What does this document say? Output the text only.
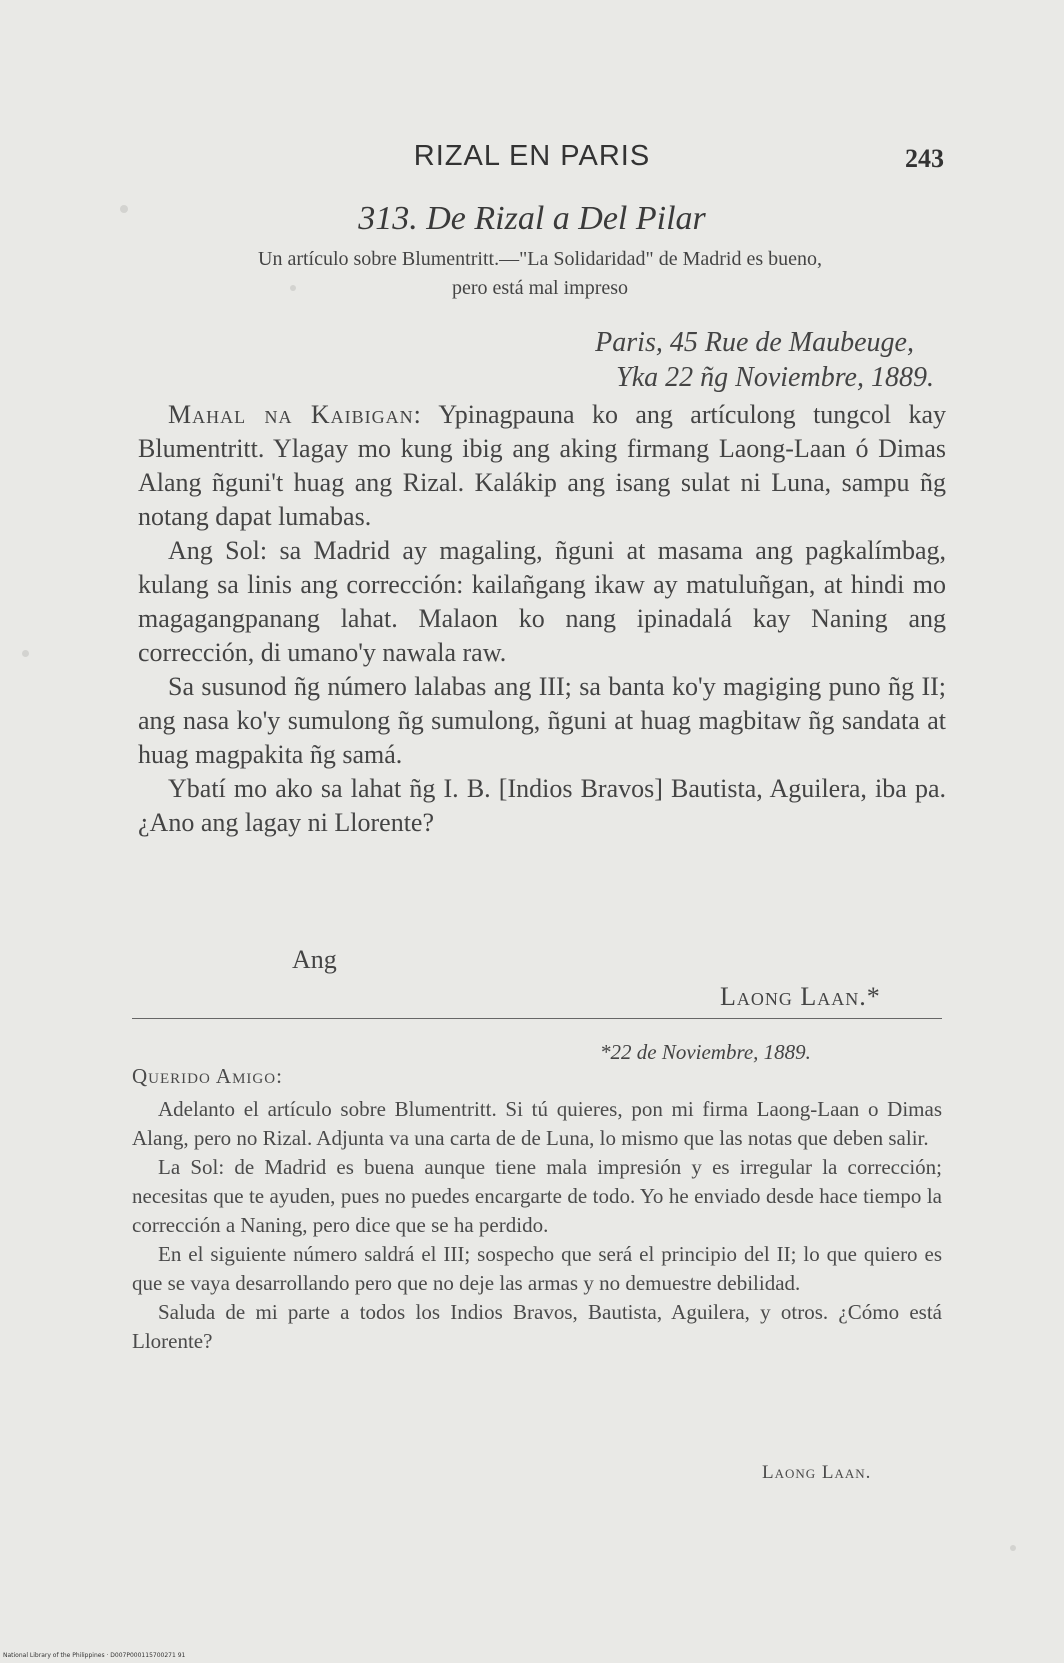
RIZAL EN PARIS	243
313. De Rizal a Del Pilar
Un artículo sobre Blumentritt.—"La Solidaridad" de Madrid es bueno,
pero está mal impreso
Paris, 45 Rue de Maubeuge,
Yka 22 ñg Noviembre, 1889.

Mahal na Kaibigan: Ypinagpauna ko ang artículong tungcol kay Blumentritt. Ylagay mo kung ibig ang aking firmang Laong-Laan ó Dimas Alang ñguni't huag ang Rizal. Kalákip ang isang sulat ni Luna, sampu ñg notang dapat lumabas.

Ang Sol: sa Madrid ay magaling, ñguni at masama ang pagkalímbag, kulang sa linis ang corrección: kailañgang ikaw ay matuluñgan, at hindi mo magagangpanang lahat. Malaon ko nang ipinadalá kay Naning ang corrección, di umano'y nawala raw.

Sa susunod ñg número lalabas ang III; sa banta ko'y magiging puno ñg II; ang nasa ko'y sumulong ñg sumulong, ñguni at huag magbitaw ñg sandata at huag magpakita ñg samá.

Ybatí mo ako sa lahat ñg I. B. [Indios Bravos] Bautista, Aguilera, iba pa. ¿Ano ang lagay ni Llorente?

Ang
Laong Laan.*
*22 de Noviembre, 1889.

Querido Amigo:

Adelanto el artículo sobre Blumentritt. Si tú quieres, pon mi firma Laong-Laan o Dimas Alang, pero no Rizal. Adjunta va una carta de de Luna, lo mismo que las notas que deben salir.

La Sol: de Madrid es buena aunque tiene mala impresión y es irregular la corrección; necesitas que te ayuden, pues no puedes encargarte de todo. Yo he enviado desde hace tiempo la corrección a Naning, pero dice que se ha perdido.

En el siguiente número saldrá el III; sospecho que será el principio del II; lo que quiero es que se vaya desarrollando pero que no deje las armas y no demuestre debilidad.

Saluda de mi parte a todos los Indios Bravos, Bautista, Aguilera, y otros. ¿Cómo está Llorente?

Laong Laan.
National Library of the Philippines · D007P000115700271 91
